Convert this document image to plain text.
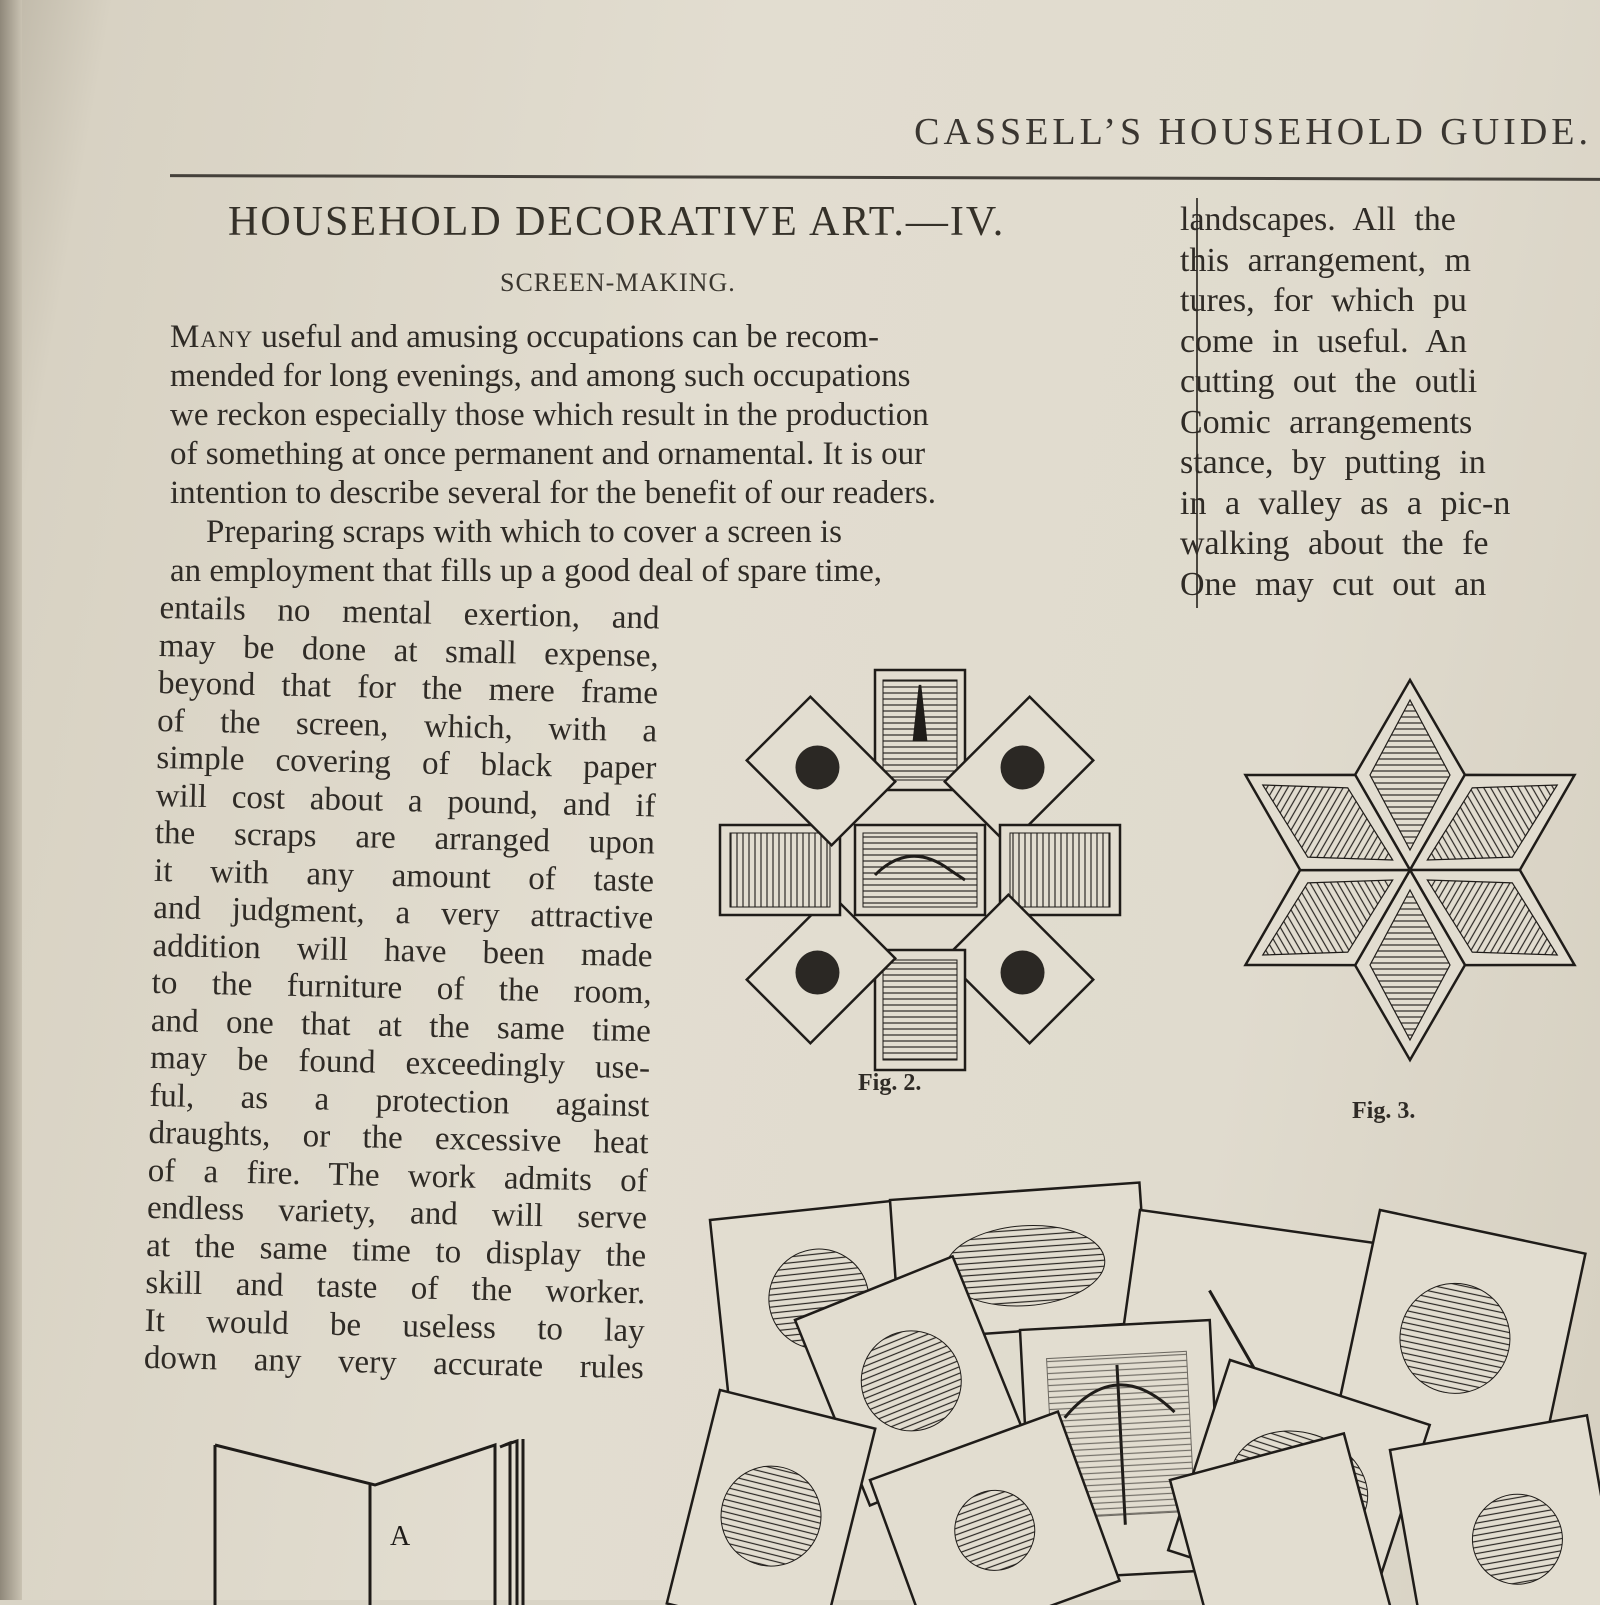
CASSELL’S HOUSEHOLD GUIDE.
HOUSEHOLD DECORATIVE ART.—IV.
SCREEN-MAKING.
Many useful and amusing occupations can be recom-
mended for long evenings, and among such occupations
we reckon especially those which result in the production
of something at once permanent and ornamental. It is our
intention to describe several for the benefit of our readers.
Preparing scraps with which to cover a screen is
an employment that fills up a good deal of spare time,
entails no mental exertion, and
may be done at small expense,
beyond that for the mere frame
of the screen, which, with a
simple covering of black paper
will cost about a pound, and if
the scraps are arranged upon
it with any amount of taste
and judgment, a very attractive
addition will have been made
to the furniture of the room,
and one that at the same time
may be found exceedingly use-
ful, as a protection against
draughts, or the excessive heat
of a fire. The work admits of
endless variety, and will serve
at the same time to display the
skill and taste of the worker.
It would be useless to lay
down any very accurate rules
landscapes. All the
this arrangement, m
tures, for which pu
come in useful. An
cutting out the outli
Comic arrangements
stance, by putting in
in a valley as a pic-n
walking about the fe
One may cut out an
Fig. 2.
Fig. 3.
A
